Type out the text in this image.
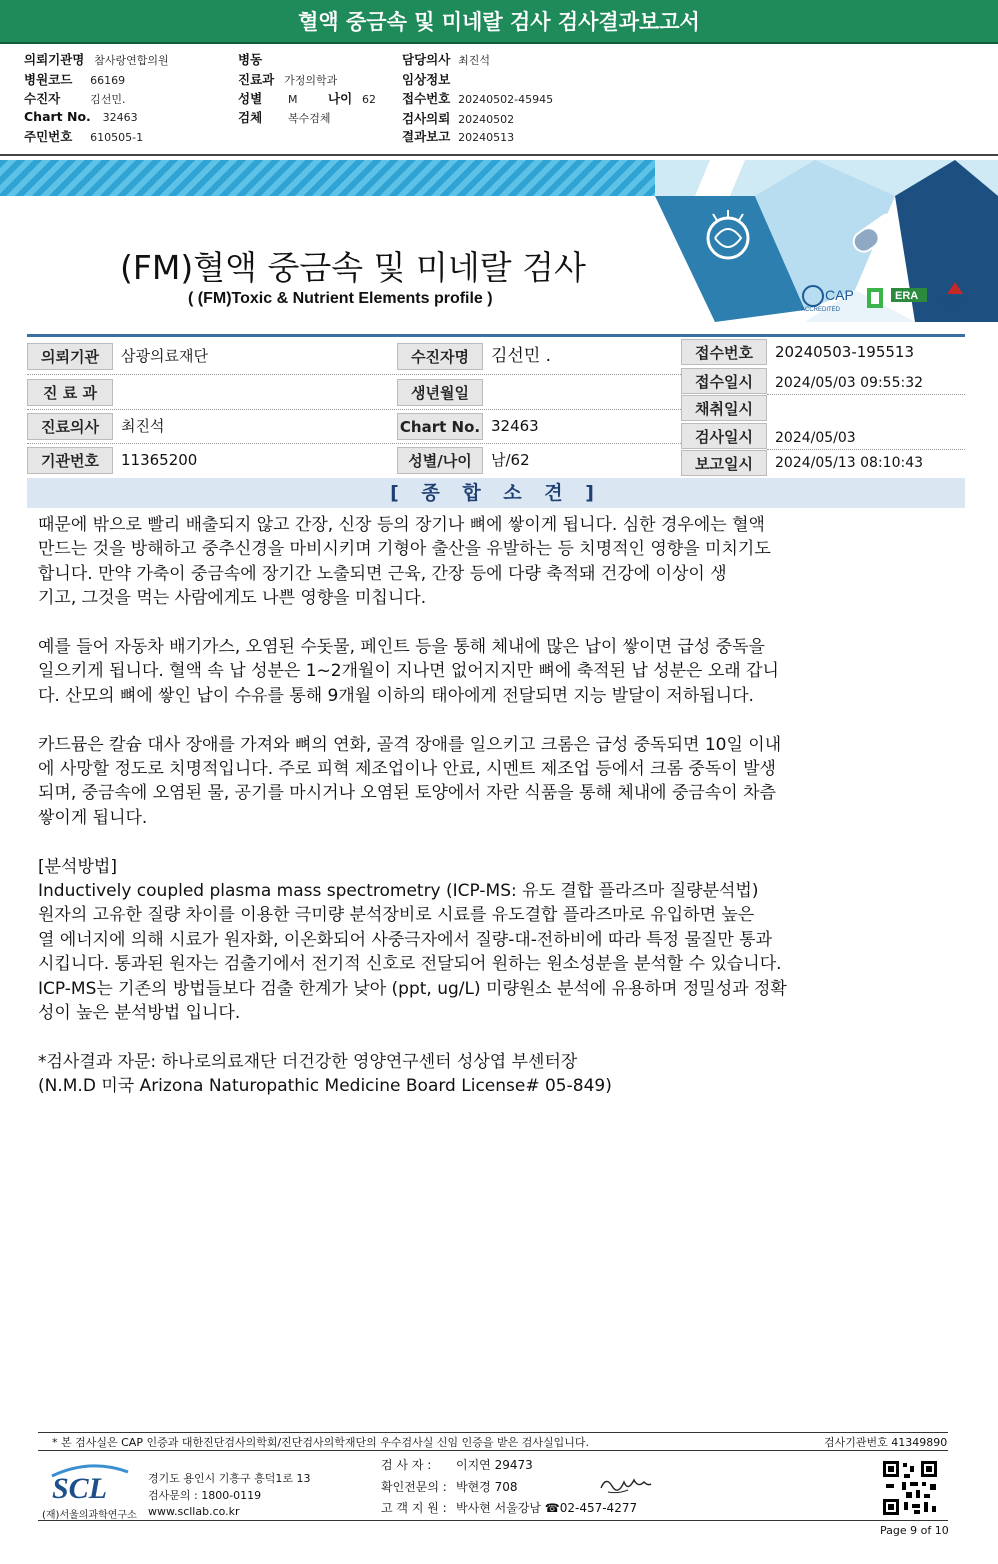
혈액 중금속 및 미네랄 검사 검사결과보고서
의뢰기관명 참사랑연합의원
병원코드 66169
수진자	김선민.
Chart No. 32463
주민번호 610505-1
병동
진료과 가정의학과
성별 M 나이 62
검체 복수검체
담당의사 최진석
임상정보
접수번호 20240502-45945
검사의뢰 20240502
결과보고 20240513
CAP
ACCREDITED
ERA
AMAB
(FM)혈액 중금속 및 미네랄 검사
( (FM)Toxic & Nutrient Elements profile )
의뢰기관	삼광의료재단
진 료 과
진료의사	최진석
기관번호	11365200
수진자명	김선민 .
생년월일
Chart No. 32463
성별/나이	남/62
접수번호	20240503-195513
접수일시	2024/05/03 09:55:32
채취일시
검사일시	2024/05/03
보고일시	2024/05/13 08:10:43
[ 종 합 소 견 ]

때문에 밖으로 빨리 배출되지 않고 간장, 신장 등의 장기나 뼈에 쌓이게 됩니다. 심한 경우에는 혈액

만드는 것을 방해하고 중추신경을 마비시키며 기형아 출산을 유발하는 등 치명적인 영향을 미치기도

합니다. 만약 가축이 중금속에 장기간 노출되면 근육, 간장 등에 다량 축적돼 건강에 이상이 생

기고, 그것을 먹는 사람에게도 나쁜 영향을 미칩니다.

예를 들어 자동차 배기가스, 오염된 수돗물, 페인트 등을 통해 체내에 많은 납이 쌓이면 급성 중독을

일으키게 됩니다. 혈액 속 납 성분은 1~2개월이 지나면 없어지지만 뼈에 축적된 납 성분은 오래 갑니

다. 산모의 뼈에 쌓인 납이 수유를 통해 9개월 이하의 태아에게 전달되면 지능 발달이 저하됩니다.

카드뮴은 칼슘 대사 장애를 가져와 뼈의 연화, 골격 장애를 일으키고 크롬은 급성 중독되면 10일 이내

에 사망할 정도로 치명적입니다. 주로 피혁 제조업이나 안료, 시멘트 제조업 등에서 크롬 중독이 발생

되며, 중금속에 오염된 물, 공기를 마시거나 오염된 토양에서 자란 식품을 통해 체내에 중금속이 차츰

쌓이게 됩니다.

[분석방법]

Inductively coupled plasma mass spectrometry (ICP-MS: 유도 결합 플라즈마 질량분석법)

원자의 고유한 질량 차이를 이용한 극미량 분석장비로 시료를 유도결합 플라즈마로 유입하면 높은

열 에너지에 의해 시료가 원자화, 이온화되어 사중극자에서 질량-대-전하비에 따라 특정 물질만 통과

시킵니다. 통과된 원자는 검출기에서 전기적 신호로 전달되어 원하는 원소성분을 분석할 수 있습니다.

ICP-MS는 기존의 방법들보다 검출 한계가 낮아 (ppt, ug/L) 미량원소 분석에 유용하며 정밀성과 정확

성이 높은 분석방법 입니다.

*검사결과 자문: 하나로의료재단 더건강한 영양연구센터 성상엽 부센터장

(N.M.D 미국 Arizona Naturopathic Medicine Board License# 05-849)

* 본 검사실은 CAP 인증과 대한진단검사의학회/진단검사의학재단의 우수검사실 신임 인증을 받은 검사실입니다.	검사기관번호 41349890
SCL
(재)서울의과학연구소
경기도 용인시 기흥구 흥덕1로 13
검사문의 : 1800-0119
www.scllab.co.kr
검 사 자 : 이지연 29473
확인전문의 : 박현경 708
고 객 지 원 : 박사현 서울강남 ☎02-457-4277
Page 9 of 10
